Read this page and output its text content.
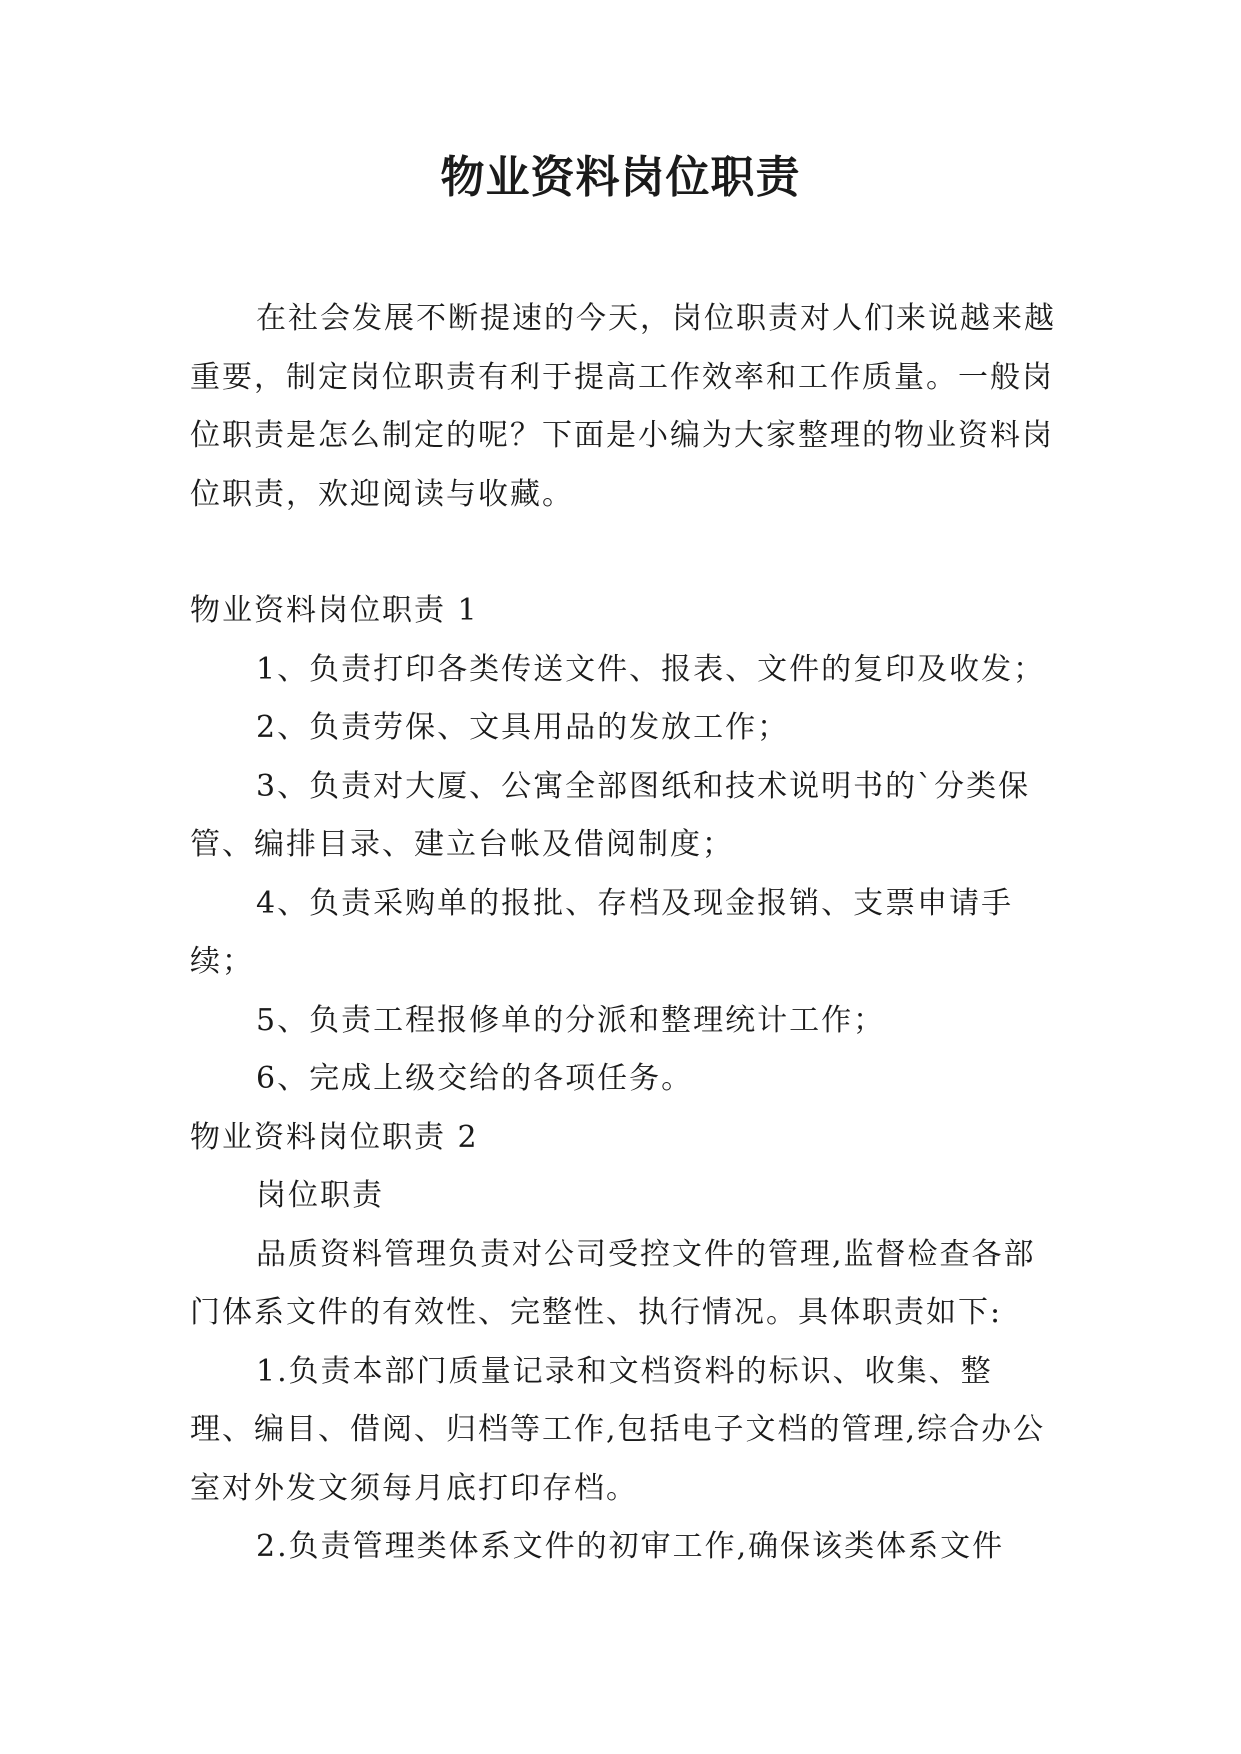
物业资料岗位职责

在社会发展不断提速的今天，岗位职责对人们来说越来越重要，制定岗位职责有利于提高工作效率和工作质量。一般岗位职责是怎么制定的呢？下面是小编为大家整理的物业资料岗位职责，欢迎阅读与收藏。

物业资料岗位职责 1

1、负责打印各类传送文件、报表、文件的复印及收发；

2、负责劳保、文具用品的发放工作；

3、负责对大厦、公寓全部图纸和技术说明书的`分类保管、编排目录、建立台帐及借阅制度；

4、负责采购单的报批、存档及现金报销、支票申请手续；

5、负责工程报修单的分派和整理统计工作；

6、完成上级交给的各项任务。

物业资料岗位职责 2

岗位职责

品质资料管理负责对公司受控文件的管理,监督检查各部门体系文件的有效性、完整性、执行情况。具体职责如下:

1.负责本部门质量记录和文档资料的标识、收集、整理、编目、借阅、归档等工作,包括电子文档的管理,综合办公室对外发文须每月底打印存档。

2.负责管理类体系文件的初审工作,确保该类体系文件
